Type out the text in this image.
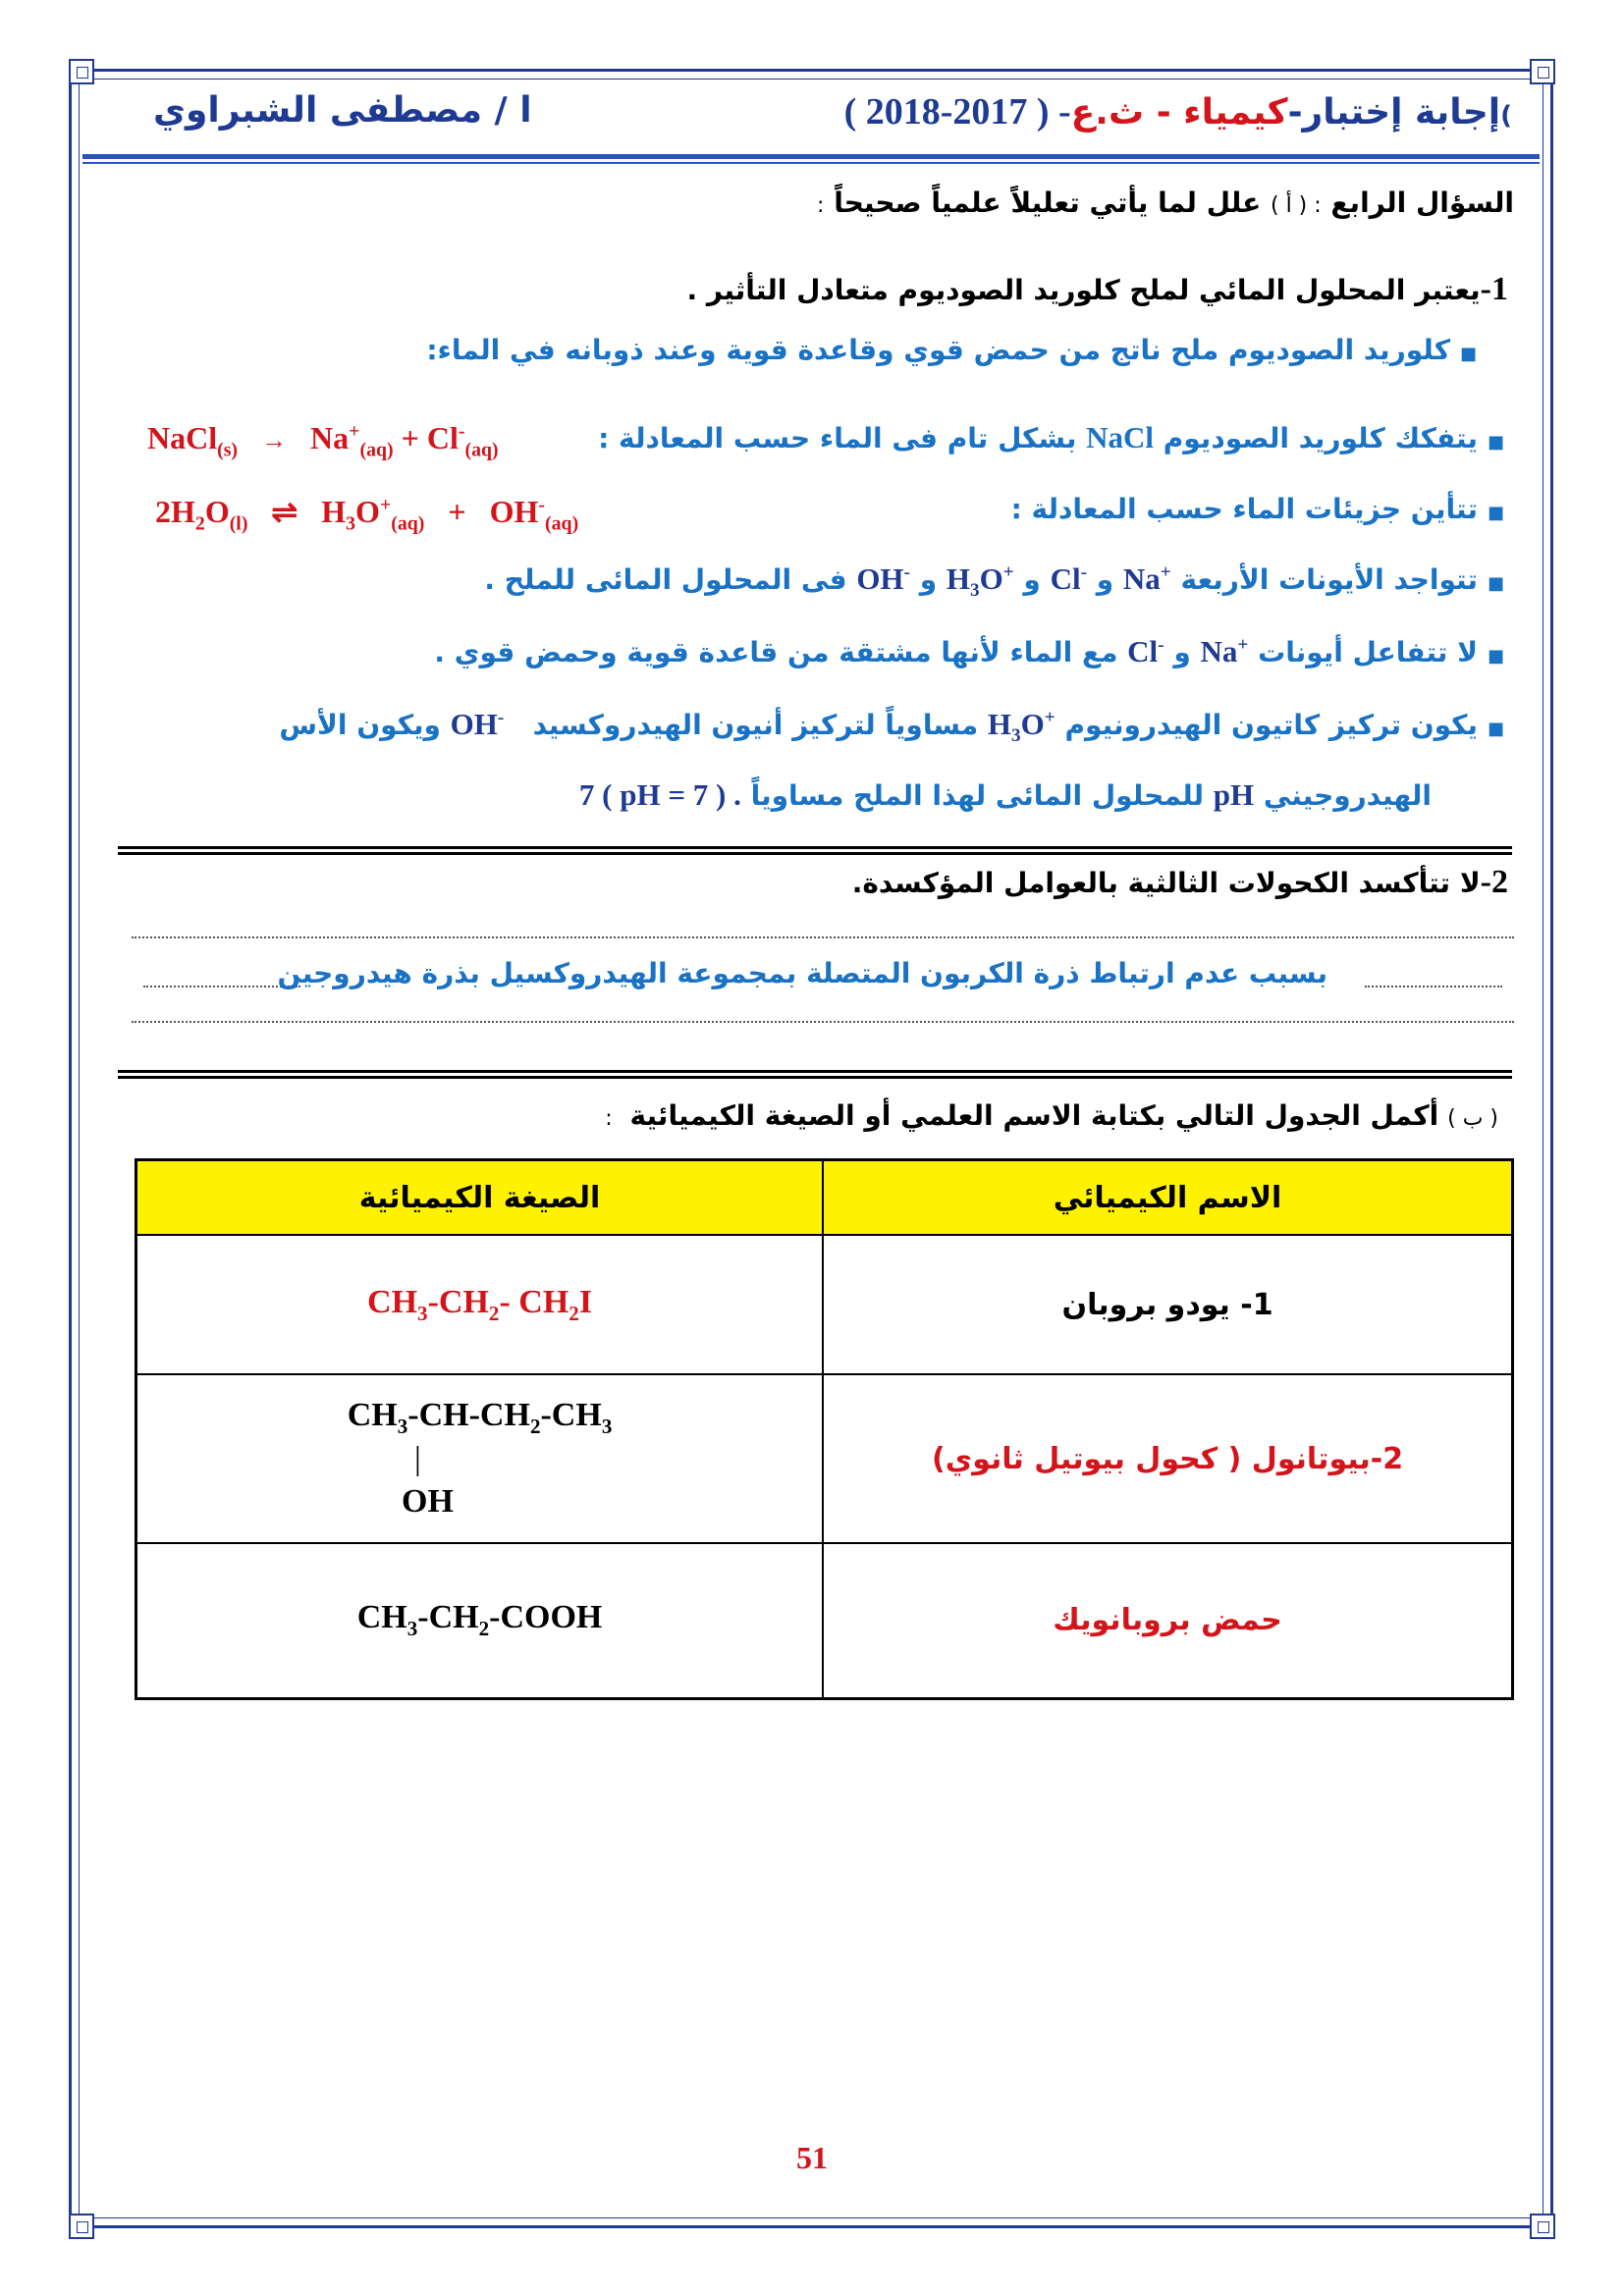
)إجابة إختبار-كيمياء - ث.ع- ( 2017-2018 )
ا / مصطفى الشبراوي
السؤال الرابع : ( أ ) علل لما يأتي تعليلاً علمياً صحيحاً :
1-يعتبر المحلول المائي لملح كلوريد الصوديوم متعادل التأثير .
■كلوريد الصوديوم ملح ناتج من حمض قوي وقاعدة قوية وعند ذوبانه في الماء:
■يتفكك كلوريد الصوديوم NaCl بشكل تام فى الماء حسب المعادلة :
NaCl$_{(s)}$ → $Na^+_{(aq)} + Cl^-_{(aq)}$
■تتأين جزيئات الماء حسب المعادلة :
$2H_2O_{(l)}$ ⇌ $H_3O^+_{(aq)} + OH^-_{(aq)}$
■تتواجد الأيونات الأربعة Na+ و Cl- و $H_3O^+$ و OH- فى المحلول المائى للملح .
■لا تتفاعل أيونات Na+ و Cl- مع الماء لأنها مشتقة من قاعدة قوية وحمض قوي .
■يكون تركيز كاتيون الهيدرونيوم $H_3O^+$ مساوياً لتركيز أنيون الهيدروكسيد   OH- ويكون الأس
الهيدروجيني pH للمحلول المائى لهذا الملح مساوياً 7 ( pH = 7 ) .
2-لا تتأكسد الكحولات الثالثية بالعوامل المؤكسدة.
بسبب عدم ارتباط ذرة الكربون المتصلة بمجموعة الهيدروكسيل بذرة هيدروجين
( ب ) أكمل الجدول التالي بكتابة الاسم العلمي أو الصيغة الكيميائية  :
الصيغة الكيميائية	الاسم الكيميائي
$CH_3-CH_2-$ $CH_2I$	1- يودو بروبان

$CH_3-CH-CH_2-CH_3$
|
OH	2-بيوتانول ( كحول بيوتيل ثانوي)
$CH_3-CH_2$-COOH	حمض بروبانويك
51
